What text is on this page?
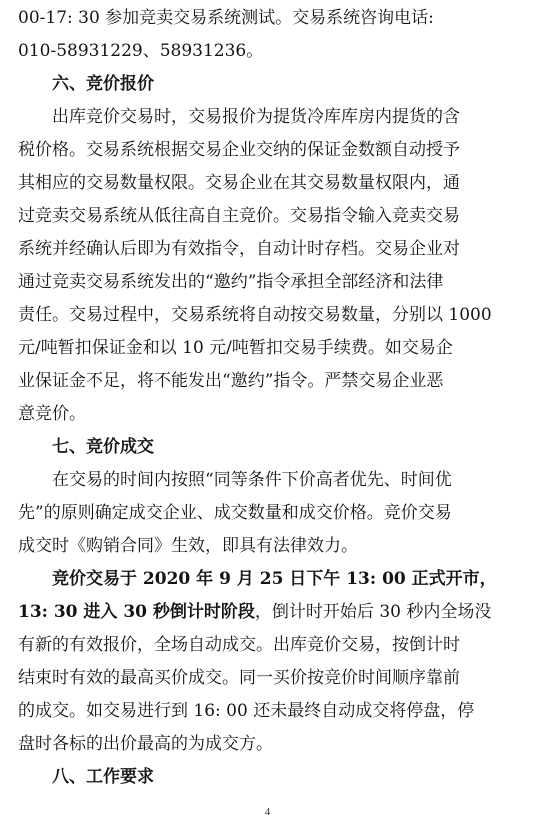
00-17: 30 参加竞卖交易系统测试。交易系统咨询电话:
010-58931229、58931236。
六、竞价报价
出库竞价交易时，交易报价为提货冷库库房内提货的含
税价格。交易系统根据交易企业交纳的保证金数额自动授予
其相应的交易数量权限。交易企业在其交易数量权限内，通
过竞卖交易系统从低往高自主竞价。交易指令输入竞卖交易
系统并经确认后即为有效指令，自动计时存档。交易企业对
通过竞卖交易系统发出的“邀约”指令承担全部经济和法律
责任。交易过程中，交易系统将自动按交易数量，分别以 1000
元/吨暂扣保证金和以 10 元/吨暂扣交易手续费。如交易企
业保证金不足，将不能发出“邀约”指令。严禁交易企业恶
意竞价。
七、竞价成交
在交易的时间内按照“同等条件下价高者优先、时间优
先”的原则确定成交企业、成交数量和成交价格。竞价交易
成交时《购销合同》生效，即具有法律效力。
竞价交易于 2020 年 9 月 25 日下午 13: 00 正式开市，
13: 30 进入 30 秒倒计时阶段，倒计时开始后 30 秒内全场没
有新的有效报价，全场自动成交。出库竞价交易，按倒计时
结束时有效的最高买价成交。同一买价按竞价时间顺序靠前
的成交。如交易进行到 16: 00 还未最终自动成交将停盘，停
盘时各标的出价最高的为成交方。
八、工作要求
4
